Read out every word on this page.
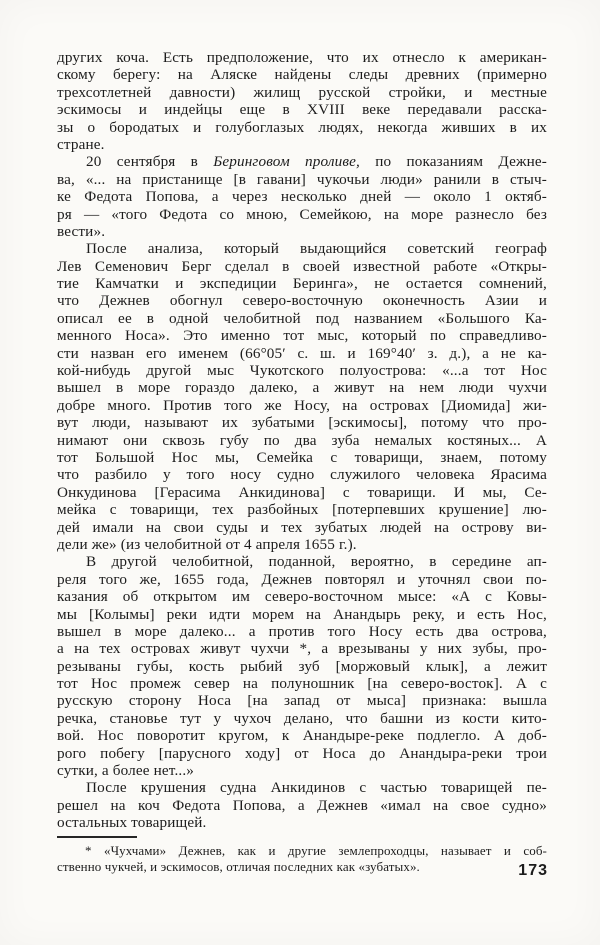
других коча. Есть предположение, что их отнесло к американ-
скому берегу: на Аляске найдены следы древних (примерно
трехсотлетней давности) жилищ русской стройки, и местные
эскимосы и индейцы еще в XVIII веке передавали расска-
зы о бородатых и голубоглазых людях, некогда живших в их
стране.
20 сентября в Беринговом проливе, по показаниям Дежне-
ва, «... на пристанище [в гавани] чукочьи люди» ранили в стыч-
ке Федота Попова, а через несколько дней — около 1 октяб-
ря — «того Федота со мною, Семейкою, на море разнесло без
вести».
После анализа, который выдающийся советский географ
Лев Семенович Берг сделал в своей известной работе «Откры-
тие Камчатки и экспедиции Беринга», не остается сомнений,
что Дежнев обогнул северо-восточную оконечность Азии и
описал ее в одной челобитной под названием «Большого Ка-
менного Носа». Это именно тот мыс, который по справедливо-
сти назван его именем (66°05′ с. ш. и 169°40′ з. д.), а не ка-
кой-нибудь другой мыс Чукотского полуострова: «...а тот Нос
вышел в море гораздо далеко, а живут на нем люди чухчи
добре много. Против того же Носу, на островах [Диомида] жи-
вут люди, называют их зубатыми [эскимосы], потому что про-
нимают они сквозь губу по два зуба немалых костяных... А
тот Большой Нос мы, Семейка с товарищи, знаем, потому
что разбило у того носу судно служилого человека Ярасима
Онкудинова [Герасима Анкидинова] с товарищи. И мы, Се-
мейка с товарищи, тех разбойных [потерпевших крушение] лю-
дей имали на свои суды и тех зубатых людей на острову ви-
дели же» (из челобитной от 4 апреля 1655 г.).
В другой челобитной, поданной, вероятно, в середине ап-
реля того же, 1655 года, Дежнев повторял и уточнял свои по-
казания об открытом им северо-восточном мысе: «А с Ковы-
мы [Колымы] реки идти морем на Анандырь реку, и есть Нос,
вышел в море далеко... а против того Носу есть два острова,
а на тех островах живут чухчи *, а врезываны у них зубы, про-
резываны губы, кость рыбий зуб [моржовый клык], а лежит
тот Нос промеж север на полуношник [на северо-восток]. А с
русскую сторону Носа [на запад от мыса] признака: вышла
речка, становье тут у чухоч делано, что башни из кости кито-
вой. Нос поворотит кругом, к Анандыре-реке подлегло. А доб-
рого побегу [парусного ходу] от Носа до Анандыра-реки трои
сутки, а более нет...»
После крушения судна Анкидинов с частью товарищей пе-
решел на коч Федота Попова, а Дежнев «имал на свое судно»
остальных товарищей.
* «Чухчами» Дежнев, как и другие землепроходцы, называет и соб-
ственно чукчей, и эскимосов, отличая последних как «зубатых».	173
